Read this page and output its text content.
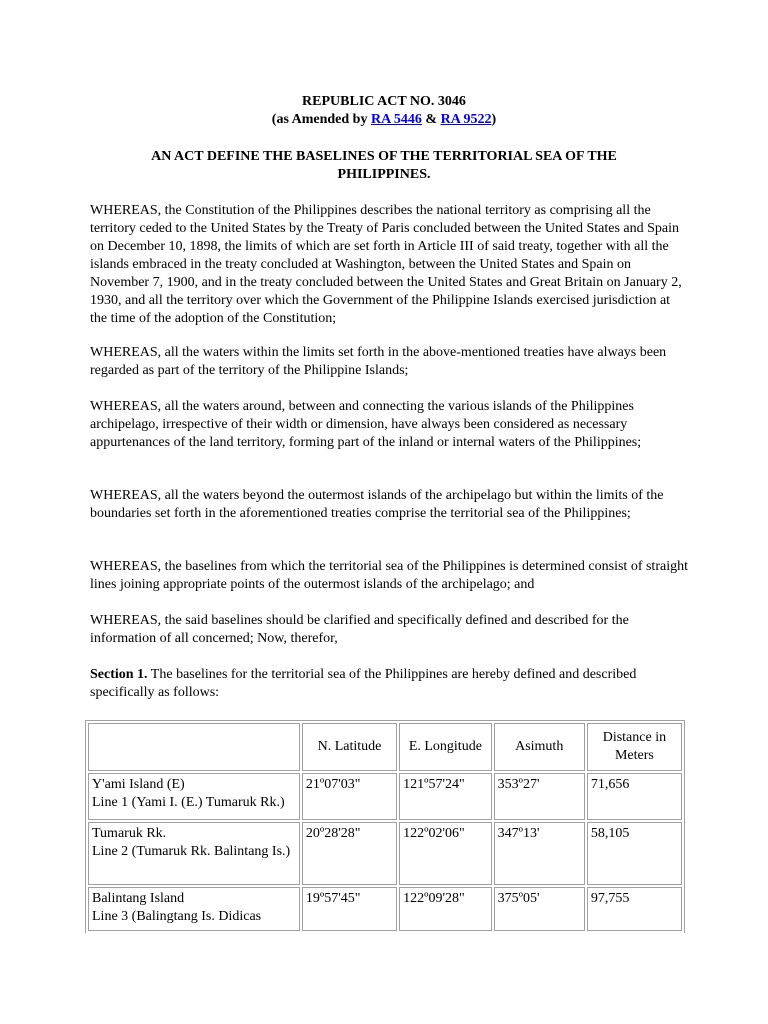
REPUBLIC ACT NO. 3046
(as Amended by RA 5446 & RA 9522)
AN ACT DEFINE THE BASELINES OF THE TERRITORIAL SEA OF THE
PHILIPPINES.

WHEREAS, the Constitution of the Philippines describes the national territory as comprising all the territory ceded to the United States by the Treaty of Paris concluded between the United States and Spain on December 10, 1898, the limits of which are set forth in Article III of said treaty, together with all the islands embraced in the treaty concluded at Washington, between the United States and Spain on November 7, 1900, and in the treaty concluded between the United States and Great Britain on January 2, 1930, and all the territory over which the Government of the Philippine Islands exercised jurisdiction at the time of the adoption of the Constitution;

WHEREAS, all the waters within the limits set forth in the above-mentioned treaties have always been regarded as part of the territory of the Philippine Islands;

WHEREAS, all the waters around, between and connecting the various islands of the Philippines archipelago, irrespective of their width or dimension, have always been considered as necessary appurtenances of the land territory, forming part of the inland or internal waters of the Philippines;

WHEREAS, all the waters beyond the outermost islands of the archipelago but within the limits of the boundaries set forth in the aforementioned treaties comprise the territorial sea of the Philippines;

WHEREAS, the baselines from which the territorial sea of the Philippines is determined consist of straight lines joining appropriate points of the outermost islands of the archipelago; and

WHEREAS, the said baselines should be clarified and specifically defined and described for the information of all concerned; Now, therefor,

Section 1. The baselines for the territorial sea of the Philippines are hereby defined and described specifically as follows:

	N. Latitude	E. Longitude	Asimuth	Distance in Meters

Y'ami Island (E)
Line 1 (Yami I. (E.) Tumaruk Rk.)	21º07'03"	121º57'24"	353º27'	71,656

Tumaruk Rk.
Line 2 (Tumaruk Rk. Balintang Is.)	20º28'28"	122º02'06"	347º13'	58,105

Balintang Island
Line 3 (Balingtang Is. Didicas	19º57'45"	122º09'28"	375º05'	97,755
